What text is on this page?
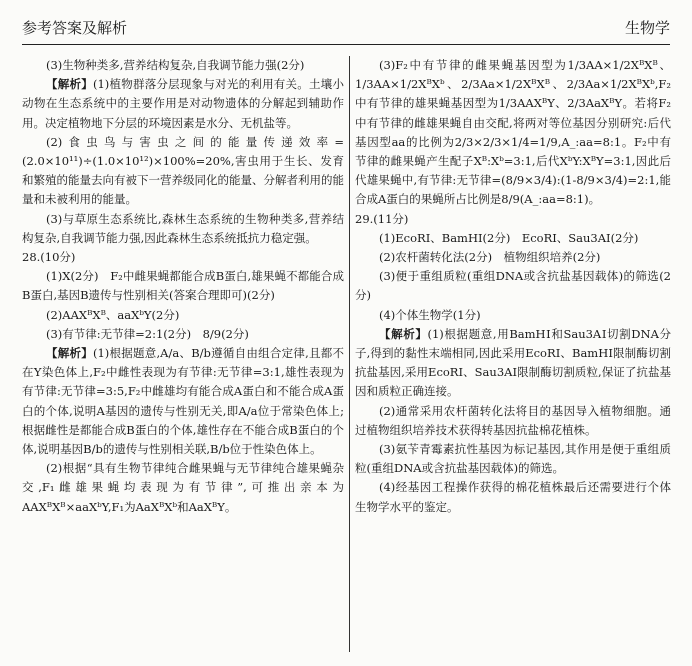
参考答案及解析	生物学

(3)生物种类多,营养结构复杂,自我调节能力强(2分)

【解析】(1)植物群落分层现象与对光的利用有关。土壤小动物在生态系统中的主要作用是对动物遗体的分解起到辅助作用。决定植物地下分层的环境因素是水分、无机盐等。

(2)食虫鸟与害虫之间的能量传递效率=(2.0×10¹¹)÷(1.0×10¹²)×100%=20%,害虫用于生长、发育和繁殖的能量去向有被下一营养级同化的能量、分解者利用的能量和未被利用的能量。

(3)与草原生态系统比,森林生态系统的生物种类多,营养结构复杂,自我调节能力强,因此森林生态系统抵抗力稳定强。

28.(10分)

(1)X(2分)　F₂中雌果蝇都能合成B蛋白,雄果蝇不都能合成B蛋白,基因B遗传与性别相关(答案合理即可)(2分)

(2)AAXᴮXᴮ、aaXᵇY(2分)

(3)有节律:无节律=2:1(2分)　8/9(2分)

【解析】(1)根据题意,A/a、B/b遵循自由组合定律,且都不在Y染色体上,F₂中雌性表现为有节律:无节律=3:1,雄性表现为有节律:无节律=3:5,F₂中雌雄均有能合成A蛋白和不能合成A蛋白的个体,说明A基因的遗传与性别无关,即A/a位于常染色体上;根据雌性是都能合成B蛋白的个体,雄性存在不能合成B蛋白的个体,说明基因B/b的遗传与性别相关联,B/b位于性染色体上。

(2)根据“具有生物节律纯合雌果蝇与无节律纯合雄果蝇杂交,F₁雌雄果蝇均表现为有节律”,可推出亲本为AAXᴮXᴮ×aaXᵇY,F₁为AaXᴮXᵇ和AaXᴮY。

(3)F₂中有节律的雌果蝇基因型为1/3AA×1/2XᴮXᴮ、1/3AA×1/2XᴮXᵇ、2/3Aa×1/2XᴮXᴮ、2/3Aa×1/2XᴮXᵇ,F₂中有节律的雄果蝇基因型为1/3AAXᴮY、2/3AaXᴮY。若将F₂中有节律的雌雄果蝇自由交配,将两对等位基因分别研究:后代基因型aa的比例为2/3×2/3×1/4=1/9,A_:aa=8:1。F₂中有节律的雌果蝇产生配子Xᴮ:Xᵇ=3:1,后代XᵇY:XᴮY=3:1,因此后代雄果蝇中,有节律:无节律=(8/9×3/4):(1-8/9×3/4)=2:1,能合成A蛋白的果蝇所占比例是8/9(A_:aa=8:1)。

29.(11分)

(1)EcoRⅠ、BamHⅠ(2分)　EcoRⅠ、Sau3AⅠ(2分)

(2)农杆菌转化法(2分)　植物组织培养(2分)

(3)便于重组质粒(重组DNA或含抗盐基因载体)的筛选(2分)

(4)个体生物学(1分)

【解析】(1)根据题意,用BamHⅠ和Sau3AⅠ切割DNA分子,得到的黏性末端相同,因此采用EcoRⅠ、BamHⅠ限制酶切割抗盐基因,采用EcoRⅠ、Sau3AⅠ限制酶切割质粒,保证了抗盐基因和质粒正确连接。

(2)通常采用农杆菌转化法将目的基因导入植物细胞。通过植物组织培养技术获得转基因抗盐棉花植株。

(3)氨苄青霉素抗性基因为标记基因,其作用是便于重组质粒(重组DNA或含抗盐基因载体)的筛选。

(4)经基因工程操作获得的棉花植株最后还需要进行个体生物学水平的鉴定。
